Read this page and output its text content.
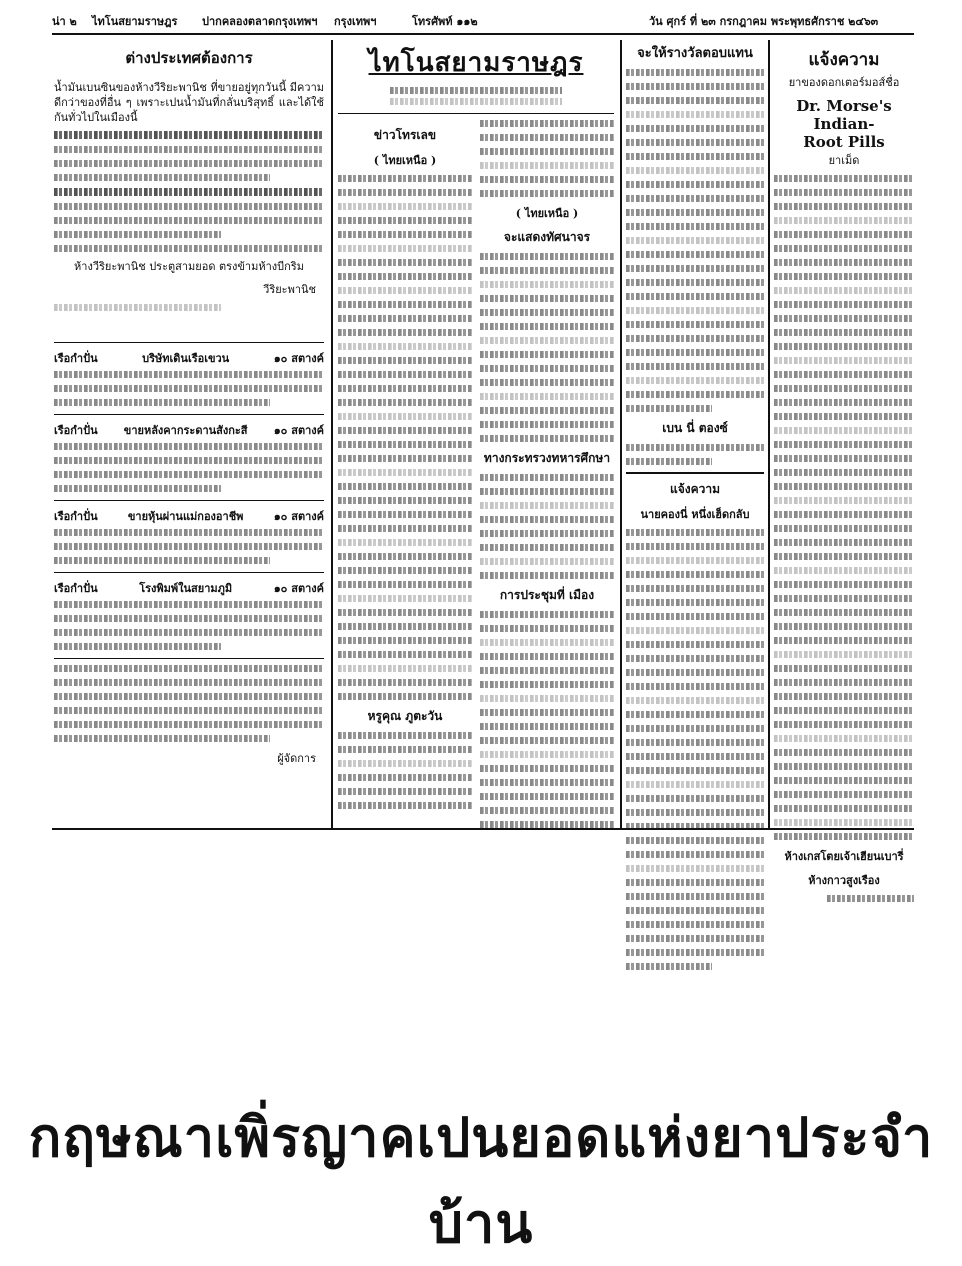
น่า ๒ ไทโนสยามราษฎร ปากคลองตลาดกรุงเทพฯ กรุงเทพฯ	โทรศัพท์ ๑๑๒	วัน ศุกร์ ที่ ๒๓ กรกฎาคม พระพุทธศักราช ๒๔๖๓
ต่างประเทศต้องการ

น้ำมันเบนซินของห้างวีริยะพานิช ที่ขายอยู่ทุกวันนี้ มีความดีกว่าของที่อื่น ๆ เพราะเปนน้ำมันที่กลั่นบริสุทธิ์ และได้ใช้กันทั่วไปในเมืองนี้

ห้างวีริยะพานิช ประตูสามยอด ตรงข้ามห้างบีกริม

วีริยะพานิช
เรือกำปั่น	บริษัทเดินเรือเขวน	๑๐ สตางค์
เรือกำปั่น ขายหลังคากระดานสังกะสี ๑๐ สตางค์
เรือกำปั่น	ขายหุ้นผ่านแม่กองอาชีพ	๑๐ สตางค์
เรือกำปั่น	โรงพิมพ์ในสยามภูมิ	๑๐ สตางค์
ผู้จัดการ
ไทโนสยามราษฎร
ข่าวโทรเลข
( ไทยเหนือ )
หรูคุณ ภูตะวัน
( ไทยเหนือ )
จะแสดงทัศนาจร
ทางกระทรวงทหารศึกษา
การประชุมที่ เมือง
จะให้รางวัลตอบแทน
เบน นี่ ตองซ์
แจ้งความ
นายคองนี่ หนึ่งเฮ็ดกลับ
แจ้งความ
ยาของดอกเตอร์มอส์ชื่อ
Dr. Morse's Indian-
Root Pills
ยาเม็ด
ห้างเกสโตยเจ้าเฮียนเบารี่
ห้างกาวสูงเรือง
กฤษณาเพิ่รญาคเปนยอดแห่งยาประจำบ้าน
